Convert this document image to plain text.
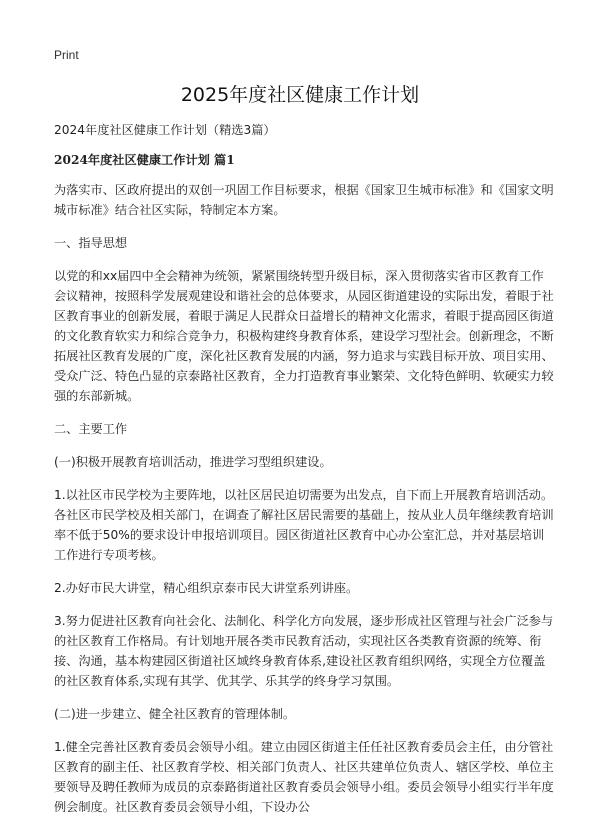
Print
2025年度社区健康工作计划

2024年度社区健康工作计划（精选3篇）

2024年度社区健康工作计划 篇1

为落实市、区政府提出的双创一巩固工作目标要求，根据《国家卫生城市标准》和《国家文明城市标准》结合社区实际，特制定本方案。

一、指导思想

以党的和xx届四中全会精神为统领，紧紧围绕转型升级目标，深入贯彻落实省市区教育工作会议精神，按照科学发展观建设和谐社会的总体要求，从园区街道建设的实际出发，着眼于社区教育事业的创新发展，着眼于满足人民群众日益增长的精神文化需求，着眼于提高园区街道的文化教育软实力和综合竞争力，积极构建终身教育体系，建设学习型社会。创新理念，不断拓展社区教育发展的广度，深化社区教育发展的内涵，努力追求与实践目标开放、项目实用、受众广泛、特色凸显的京泰路社区教育，全力打造教育事业繁荣、文化特色鲜明、软硬实力较强的东部新城。

二、主要工作

(一)积极开展教育培训活动，推进学习型组织建设。

1.以社区市民学校为主要阵地，以社区居民迫切需要为出发点，自下而上开展教育培训活动。各社区市民学校及相关部门，在调查了解社区居民需要的基础上，按从业人员年继续教育培训率不低于50%的要求设计申报培训项目。园区街道社区教育中心办公室汇总，并对基层培训工作进行专项考核。

2.办好市民大讲堂，精心组织京泰市民大讲堂系列讲座。

3.努力促进社区教育向社会化、法制化、科学化方向发展，逐步形成社区管理与社会广泛参与的社区教育工作格局。有计划地开展各类市民教育活动，实现社区各类教育资源的统筹、衔接、沟通，基本构建园区街道社区域终身教育体系,建设社区教育组织网络，实现全方位覆盖的社区教育体系,实现有其学、优其学、乐其学的终身学习氛围。

(二)进一步建立、健全社区教育的管理体制。

1.健全完善社区教育委员会领导小组。建立由园区街道主任任社区教育委员会主任，由分管社区教育的副主任、社区教育学校、相关部门负责人、社区共建单位负责人、辖区学校、单位主要领导及聘任教师为成员的京泰路街道社区教育委员会领导小组。委员会领导小组实行半年度例会制度。社区教育委员会领导小组，下设办公
